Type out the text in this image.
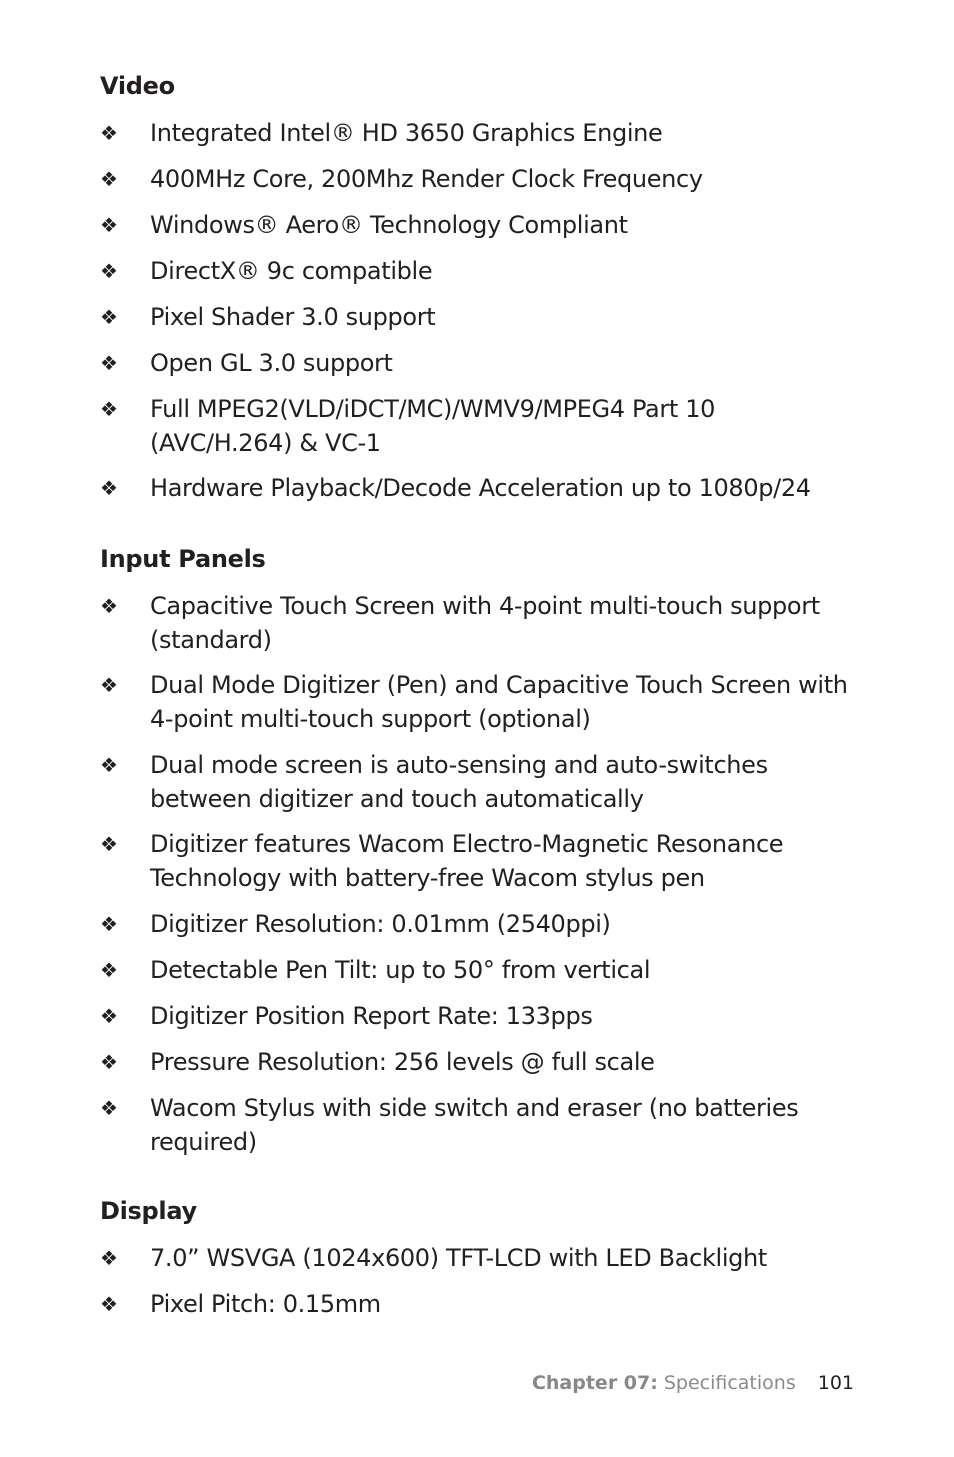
Video
❖	Integrated Intel® HD 3650 Graphics Engine
❖	400MHz Core, 200Mhz Render Clock Frequency
❖	Windows® Aero® Technology Compliant
❖	DirectX® 9c compatible
❖	Pixel Shader 3.0 support
❖	Open GL 3.0 support
❖	Full MPEG2(VLD/iDCT/MC)/WMV9/MPEG4 Part 10 (AVC/H.264) & VC-1
❖	Hardware Playback/Decode Acceleration up to 1080p/24
Input Panels
❖	Capacitive Touch Screen with 4-point multi-touch support (standard)
❖	Dual Mode Digitizer (Pen) and Capacitive Touch Screen with 4-point multi-touch support (optional)
❖	Dual mode screen is auto-sensing and auto-switches between digitizer and touch automatically
❖	Digitizer features Wacom Electro-Magnetic Resonance Technology with battery-free Wacom stylus pen
❖	Digitizer Resolution: 0.01mm (2540ppi)
❖	Detectable Pen Tilt: up to 50° from vertical
❖	Digitizer Position Report Rate: 133pps
❖	Pressure Resolution: 256 levels @ full scale
❖	Wacom Stylus with side switch and eraser (no batteries required)
Display
❖	7.0” WSVGA (1024x600) TFT-LCD with LED Backlight
❖	Pixel Pitch: 0.15mm
Chapter 07: Specifications 101
